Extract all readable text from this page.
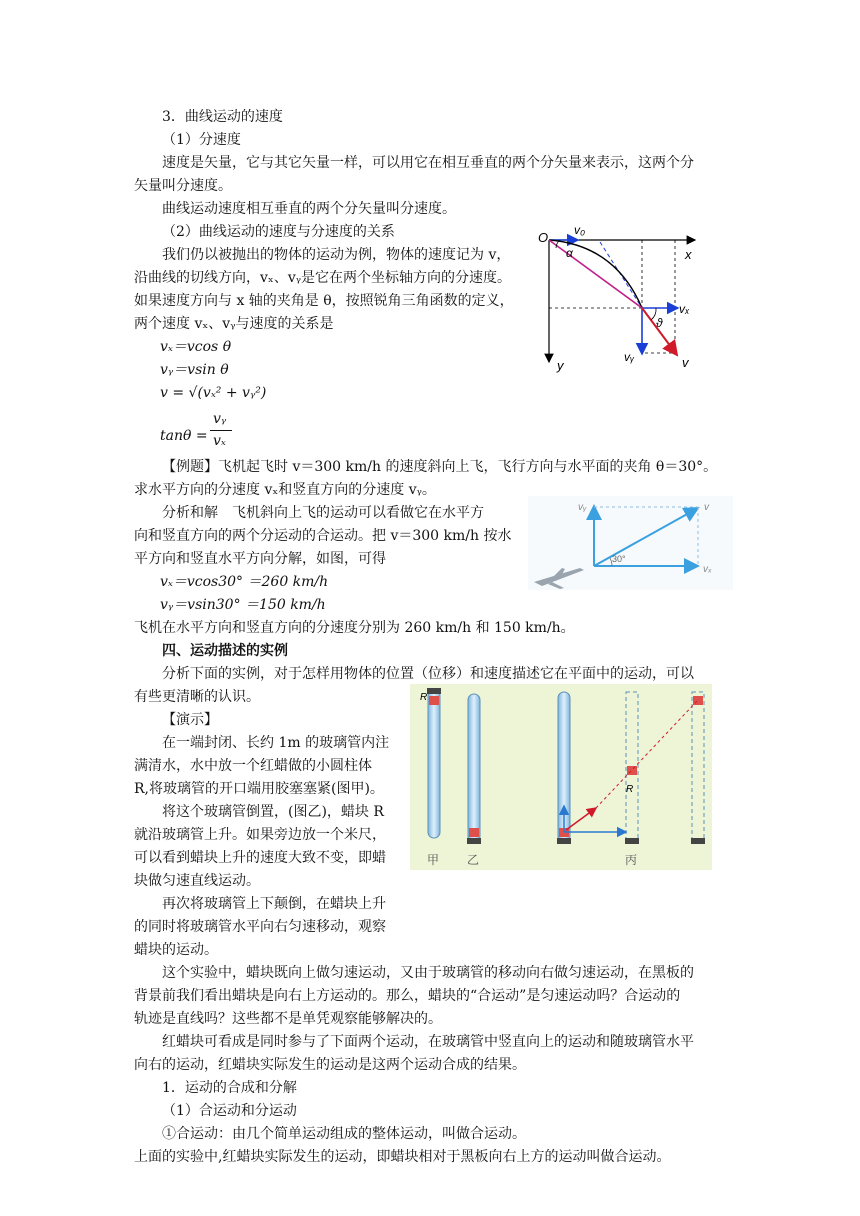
3．曲线运动的速度
（1）分速度
速度是矢量，它与其它矢量一样，可以用它在相互垂直的两个分矢量来表示，这两个分
矢量叫分速度。
曲线运动速度相互垂直的两个分矢量叫分速度。
（2）曲线运动的速度与分速度的关系
我们仍以被抛出的物体的运动为例，物体的速度记为 v，
沿曲线的切线方向，vₓ、vᵧ是它在两个坐标轴方向的分速度。
如果速度方向与 x 轴的夹角是 θ，按照锐角三角函数的定义，
两个速度 vₓ、vᵧ与速度的关系是
vₓ＝vcos θ
vᵧ＝vsin θ
v = √(vₓ² + vᵧ²)
tanθ =
vᵧ
vₓ
O v₀
x
y
α
ϑ
vₓ
vᵧ	v
【例题】飞机起飞时 v＝300 km/h 的速度斜向上飞，飞行方向与水平面的夹角 θ＝30°。
求水平方向的分速度 vₓ和竖直方向的分速度 vᵧ。
分析和解　飞机斜向上飞的运动可以看做它在水平方
向和竖直方向的两个分运动的合运动。把 v＝300 km/h 按水
平方向和竖直水平方向分解，如图，可得
vₓ＝vcos30° ＝260 km/h
vᵧ＝vsin30° ＝150 km/h
飞机在水平方向和竖直方向的分速度分别为 260 km/h 和 150 km/h。
vᵧ	v
30°
vₓ
四、运动描述的实例
分析下面的实例，对于怎样用物体的位置（位移）和速度描述它在平面中的运动，可以
有些更清晰的认识。
【演示】
在一端封闭、长约 1m 的玻璃管内注
满清水，水中放一个红蜡做的小圆柱体
R,将玻璃管的开口端用胶塞塞紧(图甲)。
将这个玻璃管倒置，(图乙)，蜡块 R
就沿玻璃管上升。如果旁边放一个米尺，
可以看到蜡块上升的速度大致不变，即蜡
块做匀速直线运动。
再次将玻璃管上下颠倒，在蜡块上升
的同时将玻璃管水平向右匀速移动，观察
蜡块的运动。
这个实验中，蜡块既向上做匀速运动，又由于玻璃管的移动向右做匀速运动，在黑板的
背景前我们看出蜡块是向右上方运动的。那么，蜡块的“合运动”是匀速运动吗？合运动的
轨迹是直线吗？这些都不是单凭观察能够解决的。
红蜡块可看成是同时参与了下面两个运动，在玻璃管中竖直向上的运动和随玻璃管水平
向右的运动，红蜡块实际发生的运动是这两个运动合成的结果。
1．运动的合成和分解
（1）合运动和分运动
①合运动：由几个简单运动组成的整体运动，叫做合运动。
上面的实验中,红蜡块实际发生的运动，即蜡块相对于黑板向右上方的运动叫做合运动。
R
R
甲 乙	丙
